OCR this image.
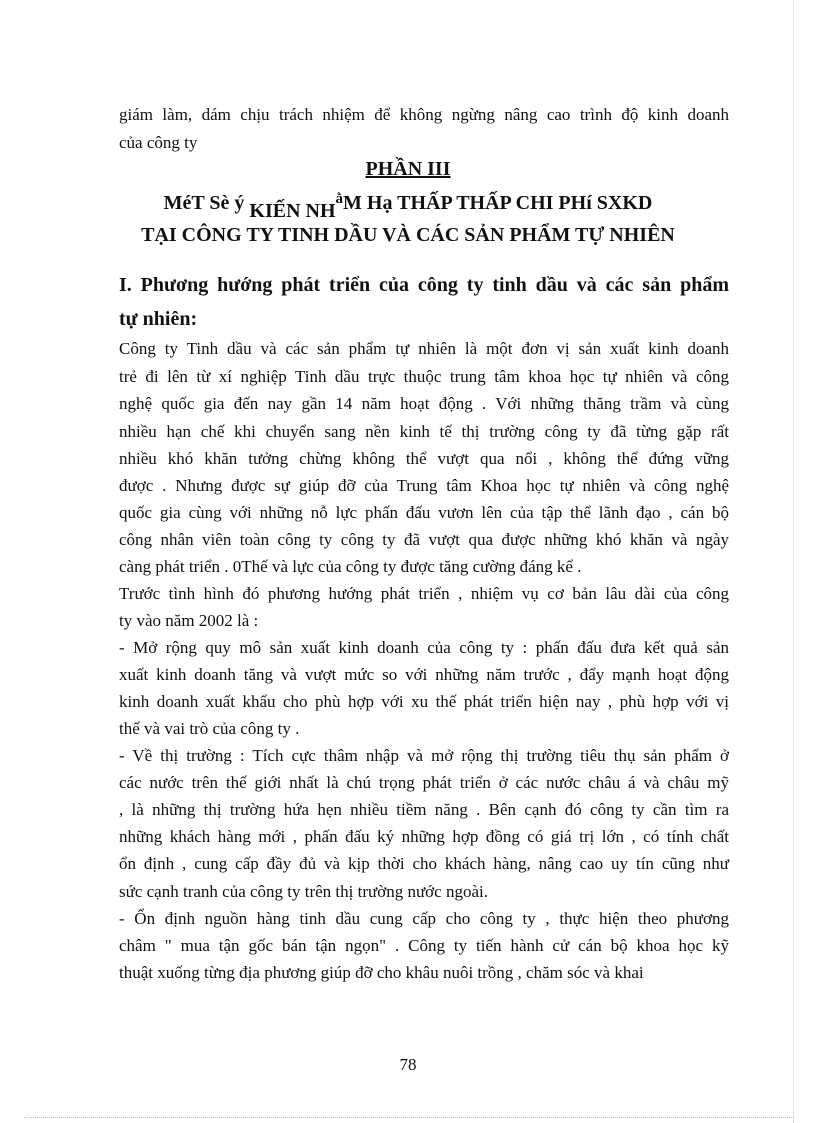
giám làm, dám chịu trách nhiệm để không ngừng nâng cao trình độ kinh doanh
của công ty
PHẦN III
MéT Sè ý KIẾN $NH^ằM$ Hạ THẤP THẤP CHI PHí SXKD
TẠI CÔNG TY TINH DẦU VÀ CÁC SẢN PHẨM TỰ NHIÊN
I. Phương hướng phát triển của công ty tinh dầu và các sản phẩm
tự nhiên:
Công ty Tinh dầu và các sản phẩm tự nhiên là một đơn vị sản xuất kinh doanh
trẻ đi lên từ xí nghiệp Tinh dầu trực thuộc trung tâm khoa học tự nhiên và công
nghệ quốc gia đến nay gần 14 năm hoạt động . Với những thăng trầm và cùng
nhiều hạn chế khi chuyển sang nền kinh tế thị trường công ty đã từng gặp rất
nhiều khó khăn tưởng chừng không thể vượt qua nổi , không thể đứng vững
được . Nhưng được sự giúp đỡ của Trung tâm Khoa học tự nhiên và công nghệ
quốc gia cùng với những nỗ lực phấn đấu vươn lên của tập thể lãnh đạo , cán bộ
công nhân viên toàn công ty công ty đã vượt qua được những khó khăn và ngày
càng phát triển . 0Thế và lực của công ty được tăng cường đáng kể .
Trước tình hình đó phương hướng phát triển , nhiệm vụ cơ bản lâu dài của công
ty vào năm 2002 là :
- Mở rộng quy mô sản xuất kinh doanh của công ty : phấn đấu đưa kết quả sản
xuất kinh doanh tăng và vượt mức so với những năm trước , đẩy mạnh hoạt động
kinh doanh xuất khẩu cho phù hợp với xu thế phát triển hiện nay , phù hợp với vị
thế và vai trò của công ty .
- Về thị trường : Tích cực thâm nhập và mở rộng thị trường tiêu thụ sản phẩm ở
các nước trên thế giới nhất là chú trọng phát triển ở các nước châu á và châu mỹ
, là những thị trường hứa hẹn nhiều tiềm năng . Bên cạnh đó công ty cần tìm ra
những khách hàng mới , phấn đấu ký những hợp đồng có giá trị lớn , có tính chất
ổn định , cung cấp đầy đủ và kịp thời cho khách hàng, nâng cao uy tín cũng như
sức cạnh tranh của công ty trên thị trường nước ngoài.
- Ổn định nguồn hàng tinh dầu cung cấp cho công ty , thực hiện theo phương
châm " mua tận gốc bán tận ngọn" . Công ty tiến hành cử cán bộ khoa học kỹ
thuật xuống từng địa phương giúp đỡ cho khâu nuôi trồng , chăm sóc và khai
78
